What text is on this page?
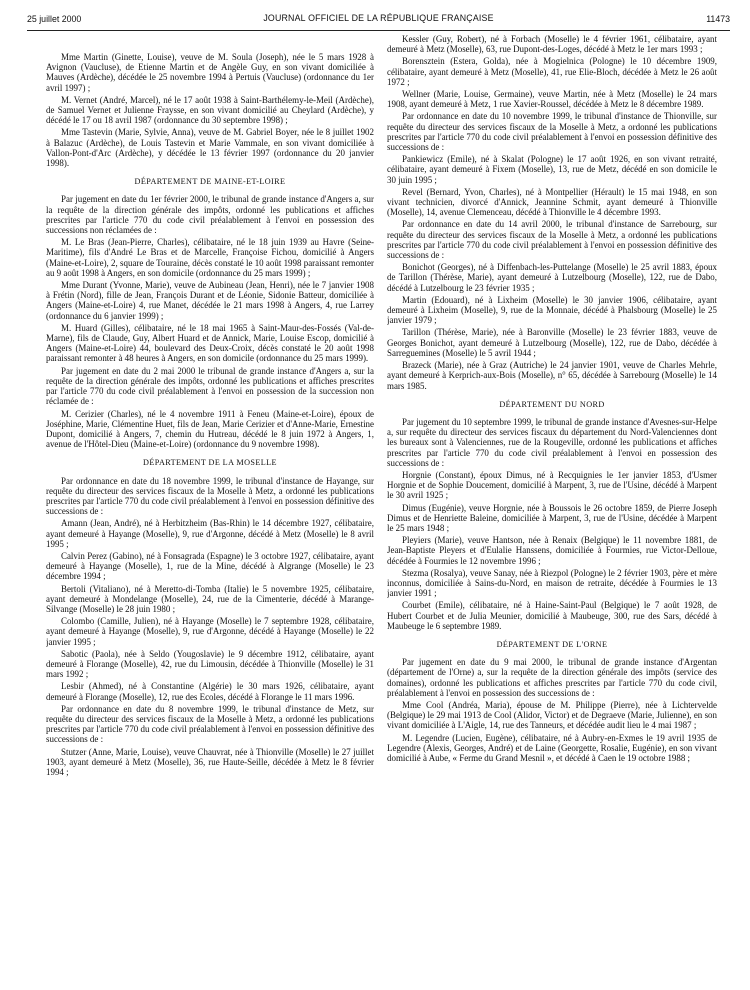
25 juillet 2000	JOURNAL OFFICIEL DE LA RÉPUBLIQUE FRANÇAISE	11473

Mme Martin (Ginette, Louise), veuve de M. Soula (Joseph), née le 5 mars 1928 à Avignon (Vaucluse), de Etienne Martin et de Angèle Guy, en son vivant domiciliée à Mauves (Ardèche), décédée le 25 novembre 1994 à Pertuis (Vaucluse) (ordonnance du 1er avril 1997) ;

M. Vernet (André, Marcel), né le 17 août 1938 à Saint-Barthélemy-le-Meil (Ardèche), de Samuel Vernet et Julienne Fraysse, en son vivant domicilié au Cheylard (Ardèche), y décédé le 17 ou 18 avril 1987 (ordonnance du 30 septembre 1998) ;

Mme Tastevin (Marie, Sylvie, Anna), veuve de M. Gabriel Boyer, née le 8 juillet 1902 à Balazuc (Ardèche), de Louis Tastevin et Marie Vammale, en son vivant domiciliée à Vallon-Pont-d'Arc (Ardèche), y décédée le 13 février 1997 (ordonnance du 20 janvier 1998).

DÉPARTEMENT DE MAINE-ET-LOIRE

Par jugement en date du 1er février 2000, le tribunal de grande instance d'Angers a, sur la requête de la direction générale des impôts, ordonné les publications et affiches prescrites par l'article 770 du code civil préalablement à l'envoi en possession des successions non réclamées de :

M. Le Bras (Jean-Pierre, Charles), célibataire, né le 18 juin 1939 au Havre (Seine-Maritime), fils d'André Le Bras et de Marcelle, Françoise Fichou, domicilié à Angers (Maine-et-Loire), 2, square de Touraine, décès constaté le 10 août 1998 paraissant remonter au 9 août 1998 à Angers, en son domicile (ordonnance du 25 mars 1999) ;

Mme Durant (Yvonne, Marie), veuve de Aubineau (Jean, Henri), née le 7 janvier 1908 à Frétin (Nord), fille de Jean, François Durant et de Léonie, Sidonie Batteur, domiciliée à Angers (Maine-et-Loire) 4, rue Manet, décédée le 21 mars 1998 à Angers, 4, rue Larrey (ordonnance du 6 janvier 1999) ;

M. Huard (Gilles), célibataire, né le 18 mai 1965 à Saint-Maur-des-Fossés (Val-de-Marne), fils de Claude, Guy, Albert Huard et de Annick, Marie, Louise Escop, domicilié à Angers (Maine-et-Loire) 44, boulevard des Deux-Croix, décès constaté le 20 août 1998 paraissant remonter à 48 heures à Angers, en son domicile (ordonnance du 25 mars 1999).

Par jugement en date du 2 mai 2000 le tribunal de grande instance d'Angers a, sur la requête de la direction générale des impôts, ordonné les publications et affiches prescrites par l'article 770 du code civil préalablement à l'envoi en possession de la succession non réclamée de :

M. Cerizier (Charles), né le 4 novembre 1911 à Feneu (Maine-et-Loire), époux de Joséphine, Marie, Clémentine Huet, fils de Jean, Marie Cerizier et d'Anne-Marie, Ernestine Dupont, domicilié à Angers, 7, chemin du Hutreau, décédé le 8 juin 1972 à Angers, 1, avenue de l'Hôtel-Dieu (Maine-et-Loire) (ordonnance du 9 novembre 1998).

DÉPARTEMENT DE LA MOSELLE

Par ordonnance en date du 18 novembre 1999, le tribunal d'instance de Hayange, sur requête du directeur des services fiscaux de la Moselle à Metz, a ordonné les publications prescrites par l'article 770 du code civil préalablement à l'envoi en possession définitive des successions de :

Amann (Jean, André), né à Herbitzheim (Bas-Rhin) le 14 décembre 1927, célibataire, ayant demeuré à Hayange (Moselle), 9, rue d'Argonne, décédé à Metz (Moselle) le 8 avril 1995 ;

Calvin Perez (Gabino), né à Fonsagrada (Espagne) le 3 octobre 1927, célibataire, ayant demeuré à Hayange (Moselle), 1, rue de la Mine, décédé à Algrange (Moselle) le 23 décembre 1994 ;

Bertoli (Vitaliano), né à Meretto-di-Tomba (Italie) le 5 novembre 1925, célibataire, ayant demeuré à Mondelange (Moselle), 24, rue de la Cimenterie, décédé à Marange-Silvange (Moselle) le 28 juin 1980 ;

Colombo (Camille, Julien), né à Hayange (Moselle) le 7 septembre 1928, célibataire, ayant demeuré à Hayange (Moselle), 9, rue d'Argonne, décédé à Hayange (Moselle) le 22 janvier 1995 ;

Sabotic (Paola), née à Seldo (Yougoslavie) le 9 décembre 1912, célibataire, ayant demeuré à Florange (Moselle), 42, rue du Limousin, décédée à Thionville (Moselle) le 31 mars 1992 ;

Lesbir (Ahmed), né à Constantine (Algérie) le 30 mars 1926, célibataire, ayant demeuré à Florange (Moselle), 12, rue des Ecoles, décédé à Florange le 11 mars 1996.

Par ordonnance en date du 8 novembre 1999, le tribunal d'instance de Metz, sur requête du directeur des services fiscaux de la Moselle à Metz, a ordonné les publications prescrites par l'article 770 du code civil préalablement à l'envoi en possession définitive des successions de :

Stutzer (Anne, Marie, Louise), veuve Chauvrat, née à Thionville (Moselle) le 27 juillet 1903, ayant demeuré à Metz (Moselle), 36, rue Haute-Seille, décédée à Metz le 8 février 1994 ;

Kessler (Guy, Robert), né à Forbach (Moselle) le 4 février 1961, célibataire, ayant demeuré à Metz (Moselle), 63, rue Dupont-des-Loges, décédé à Metz le 1er mars 1993 ;

Borensztein (Estera, Golda), née à Mogielnica (Pologne) le 10 décembre 1909, célibataire, ayant demeuré à Metz (Moselle), 41, rue Elie-Bloch, décédée à Metz le 26 août 1972 ;

Wellner (Marie, Louise, Germaine), veuve Martin, née à Metz (Moselle) le 24 mars 1908, ayant demeuré à Metz, 1 rue Xavier-Roussel, décédée à Metz le 8 décembre 1989.

Par ordonnance en date du 10 novembre 1999, le tribunal d'instance de Thionville, sur requête du directeur des services fiscaux de la Moselle à Metz, a ordonné les publications prescrites par l'article 770 du code civil préalablement à l'envoi en possession définitive des successions de :

Pankiewicz (Emile), né à Skalat (Pologne) le 17 août 1926, en son vivant retraité, célibataire, ayant demeuré à Fixem (Moselle), 13, rue de Metz, décédé en son domicile le 30 juin 1995 ;

Revel (Bernard, Yvon, Charles), né à Montpellier (Hérault) le 15 mai 1948, en son vivant technicien, divorcé d'Annick, Jeannine Schmit, ayant demeuré à Thionville (Moselle), 14, avenue Clemenceau, décédé à Thionville le 4 décembre 1993.

Par ordonnance en date du 14 avril 2000, le tribunal d'instance de Sarrebourg, sur requête du directeur des services fiscaux de la Moselle à Metz, a ordonné les publications prescrites par l'article 770 du code civil préalablement à l'envoi en possession définitive des successions de :

Bonichot (Georges), né à Diffenbach-les-Puttelange (Moselle) le 25 avril 1883, époux de Tarillon (Thérèse, Marie), ayant demeuré à Lutzelbourg (Moselle), 122, rue de Dabo, décédé à Lutzelbourg le 23 février 1935 ;

Martin (Edouard), né à Lixheim (Moselle) le 30 janvier 1906, célibataire, ayant demeuré à Lixheim (Moselle), 9, rue de la Monnaie, décédé à Phalsbourg (Moselle) le 25 janvier 1979 ;

Tarillon (Thérèse, Marie), née à Baronville (Moselle) le 23 février 1883, veuve de Georges Bonichot, ayant demeuré à Lutzelbourg (Moselle), 122, rue de Dabo, décédée à Sarreguemines (Moselle) le 5 avril 1944 ;

Brazeck (Marie), née à Graz (Autriche) le 24 janvier 1901, veuve de Charles Mehrle, ayant demeuré à Kerprich-aux-Bois (Moselle), n° 65, décédée à Sarrebourg (Moselle) le 14 mars 1985.

DÉPARTEMENT DU NORD

Par jugement du 10 septembre 1999, le tribunal de grande instance d'Avesnes-sur-Helpe a, sur requête du directeur des services fiscaux du département du Nord-Valenciennes dont les bureaux sont à Valenciennes, rue de la Rougeville, ordonné les publications et affiches prescrites par l'article 770 du code civil préalablement à l'envoi en possession des successions de :

Horgnie (Constant), époux Dimus, né à Recquignies le 1er janvier 1853, d'Usmer Horgnie et de Sophie Doucement, domicilié à Marpent, 3, rue de l'Usine, décédé à Marpent le 30 avril 1925 ;

Dimus (Eugénie), veuve Horgnie, née à Boussois le 26 octobre 1859, de Pierre Joseph Dimus et de Henriette Baleine, domiciliée à Marpent, 3, rue de l'Usine, décédée à Marpent le 25 mars 1948 ;

Pleyiers (Marie), veuve Hantson, née à Renaix (Belgique) le 11 novembre 1881, de Jean-Baptiste Pleyers et d'Eulalie Hanssens, domiciliée à Fourmies, rue Victor-Delloue, décédée à Fourmies le 12 novembre 1996 ;

Stezma (Rosalya), veuve Sanay, née à Riezpol (Pologne) le 2 février 1903, père et mère inconnus, domiciliée à Sains-du-Nord, en maison de retraite, décédée à Fourmies le 13 janvier 1991 ;

Courbet (Emile), célibataire, né à Haine-Saint-Paul (Belgique) le 7 août 1928, de Hubert Courbet et de Julia Meunier, domicilié à Maubeuge, 300, rue des Sars, décédé à Maubeuge le 6 septembre 1989.

DÉPARTEMENT DE L'ORNE

Par jugement en date du 9 mai 2000, le tribunal de grande instance d'Argentan (département de l'Orne) a, sur la requête de la direction générale des impôts (service des domaines), ordonné les publications et affiches prescrites par l'article 770 du code civil, préalablement à l'envoi en possession des successions de :

Mme Cool (Andréa, Maria), épouse de M. Philippe (Pierre), née à Lichtervelde (Belgique) le 29 mai 1913 de Cool (Alidor, Victor) et de Degraeve (Marie, Julienne), en son vivant domiciliée à L'Aigle, 14, rue des Tanneurs, et décédée audit lieu le 4 mai 1987 ;

M. Legendre (Lucien, Eugène), célibataire, né à Aubry-en-Exmes le 19 avril 1935 de Legendre (Alexis, Georges, André) et de Laine (Georgette, Rosalie, Eugénie), en son vivant domicilié à Aube, « Ferme du Grand Mesnil », et décédé à Caen le 19 octobre 1988 ;
